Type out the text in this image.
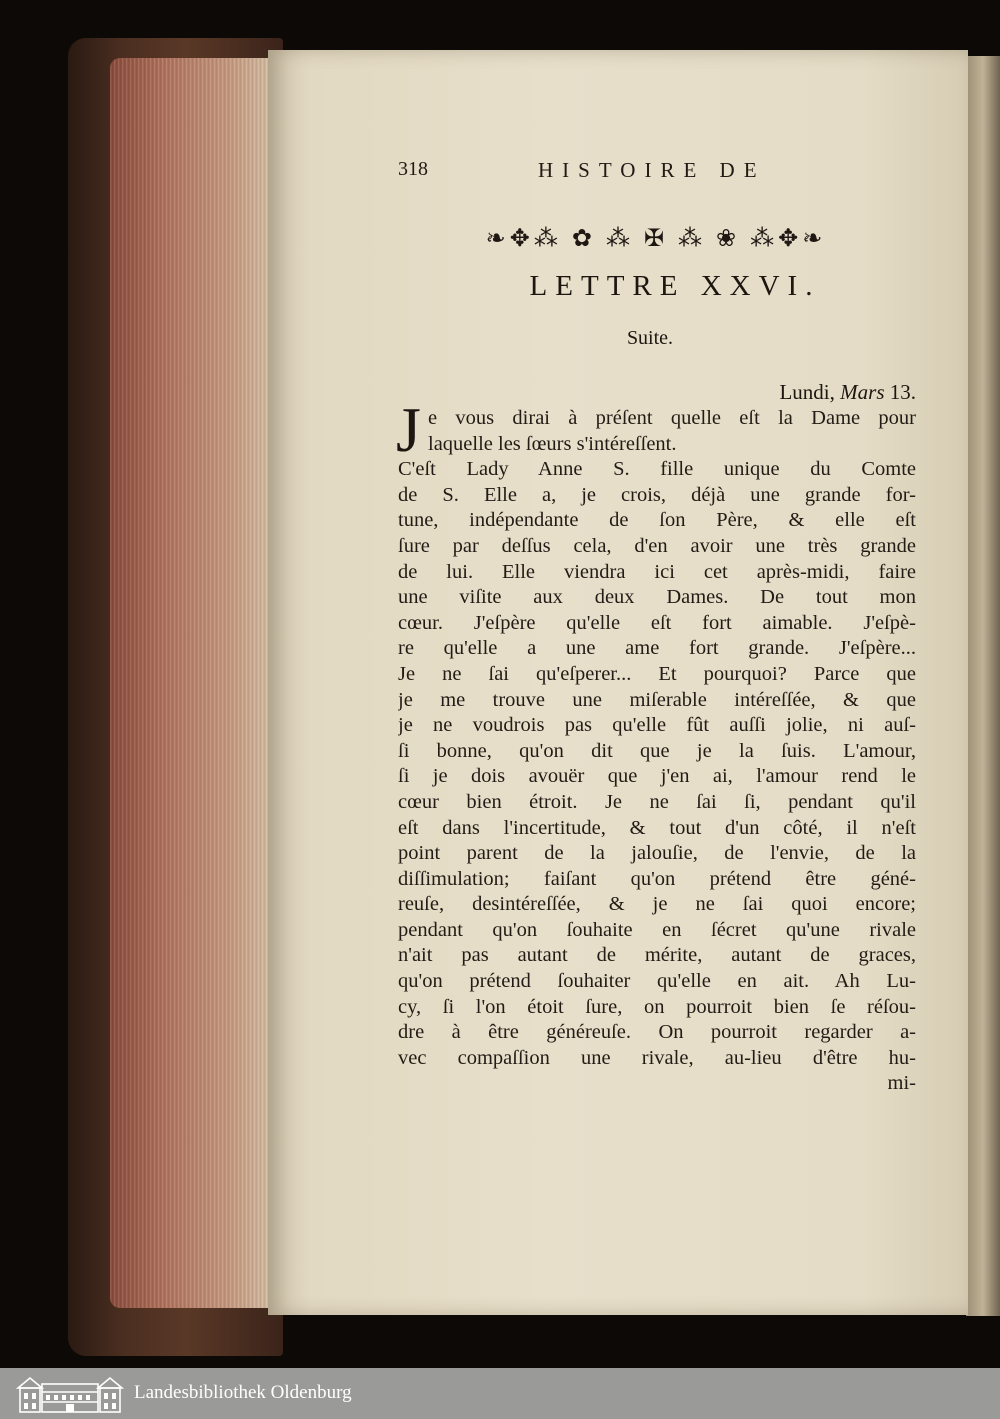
318	HISTOIRE DE
❧✥⁂ ✿ ⁂ ✠ ⁂ ❀ ⁂✥❧
LETTRE XXVI.
Suite.
Lundi, Mars 13.
J e vous dirai à préſent quelle eſt la Dame pour
laquelle les ſœurs s'intéreſſent.
C'eſt Lady Anne S. fille unique du Comte
de S. Elle a, je crois, déjà une grande for-
tune, indépendante de ſon Père, & elle eſt
ſure par deſſus cela, d'en avoir une très grande
de lui. Elle viendra ici cet après-midi, faire
une viſite aux deux Dames. De tout mon
cœur. J'eſpère qu'elle eſt fort aimable. J'eſpè-
re qu'elle a une ame fort grande. J'eſpère...
Je ne ſai qu'eſperer... Et pourquoi? Parce que
je me trouve une miſerable intéreſſée, & que
je ne voudrois pas qu'elle fût auſſi jolie, ni auſ-
ſi bonne, qu'on dit que je la ſuis. L'amour,
ſi je dois avouër que j'en ai, l'amour rend le
cœur bien étroit. Je ne ſai ſi, pendant qu'il
eſt dans l'incertitude, & tout d'un côté, il n'eſt
point parent de la jalouſie, de l'envie, de la
diſſimulation; faiſant qu'on prétend être géné-
reuſe, desintéreſſée, & je ne ſai quoi encore;
pendant qu'on ſouhaite en ſécret qu'une rivale
n'ait pas autant de mérite, autant de graces,
qu'on prétend ſouhaiter qu'elle en ait. Ah Lu-
cy, ſi l'on étoit ſure, on pourroit bien ſe réſou-
dre à être généreuſe. On pourroit regarder a-
vec compaſſion une rivale, au-lieu d'être hu-
mi-
Landesbibliothek Oldenburg
